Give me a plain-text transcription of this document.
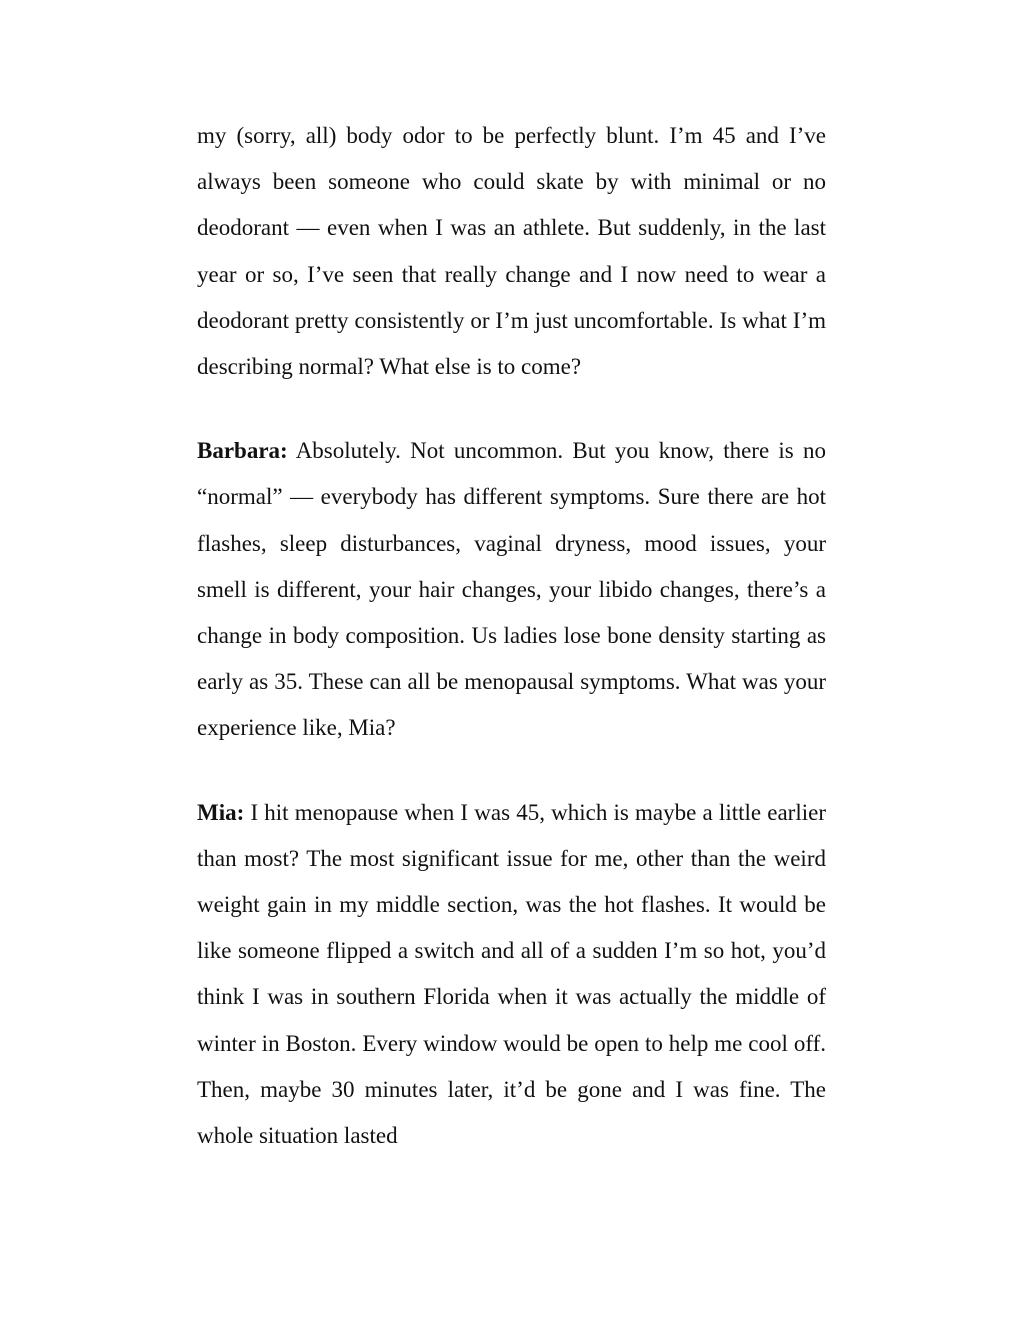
my (sorry, all) body odor to be perfectly blunt. I’m 45 and I’ve always been someone who could skate by with minimal or no deodorant — even when I was an athlete. But suddenly, in the last year or so, I’ve seen that really change and I now need to wear a deodorant pretty consistently or I’m just uncomfortable. Is what I’m describing normal? What else is to come?

Barbara: Absolutely. Not uncommon. But you know, there is no “normal” — everybody has different symptoms. Sure there are hot flashes, sleep disturbances, vaginal dryness, mood issues, your smell is different, your hair changes, your libido changes, there’s a change in body composition. Us ladies lose bone density starting as early as 35. These can all be menopausal symptoms. What was your experience like, Mia?

Mia: I hit menopause when I was 45, which is maybe a little earlier than most? The most significant issue for me, other than the weird weight gain in my middle section, was the hot flashes. It would be like someone flipped a switch and all of a sudden I’m so hot, you’d think I was in southern Florida when it was actually the middle of winter in Boston. Every window would be open to help me cool off. Then, maybe 30 minutes later, it’d be gone and I was fine. The whole situation lasted
